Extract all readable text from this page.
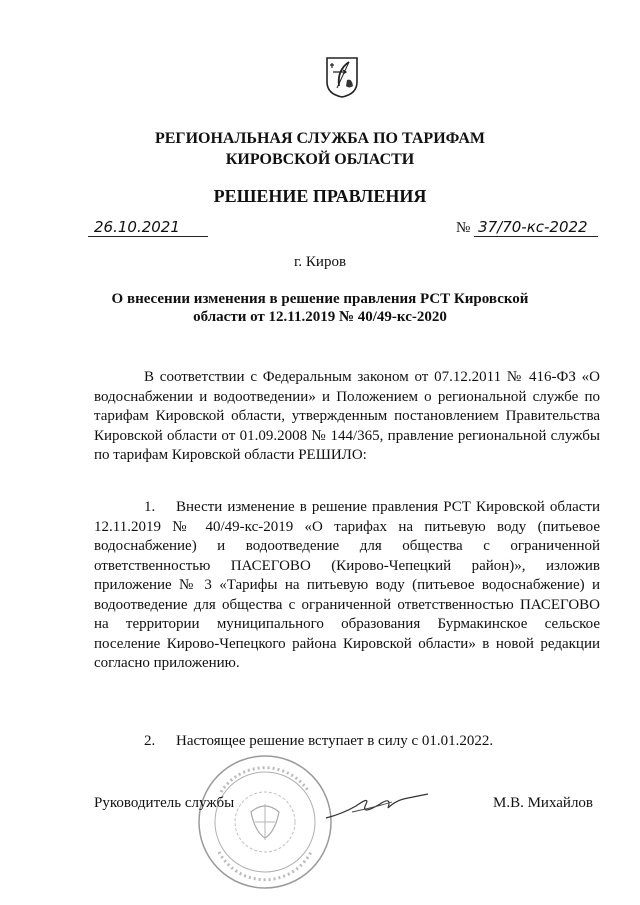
РЕГИОНАЛЬНАЯ СЛУЖБА ПО ТАРИФАМ
КИРОВСКОЙ ОБЛАСТИ
РЕШЕНИЕ ПРАВЛЕНИЯ
26.10.2021	№ 37/70-кс-2022
г. Киров
О внесении изменения в решение правления РСТ Кировской
области от 12.11.2019 № 40/49-кс-2020
В соответствии с Федеральным законом от 07.12.2011 № 416-ФЗ «О водоснабжении и водоотведении» и Положением о региональной службе по тарифам Кировской области, утвержденным постановлением Правительства Кировской области от 01.09.2008 № 144/365, правление региональной службы по тарифам Кировской области РЕШИЛО:
1. Внести изменение в решение правления РСТ Кировской области 12.11.2019 № 40/49-кс-2019 «О тарифах на питьевую воду (питьевое водоснабжение) и водоотведение для общества с ограниченной ответственностью ПАСЕГОВО (Кирово-Чепецкий район)», изложив приложение № 3 «Тарифы на питьевую воду (питьевое водоснабжение) и водоотведение для общества с ограниченной ответственностью ПАСЕГОВО на территории муниципального образования Бурмакинское сельское поселение Кирово-Чепецкого района Кировской области» в новой редакции согласно приложению.
2. Настоящее решение вступает в силу с 01.01.2022.
Руководитель службы	М.В. Михайлов
